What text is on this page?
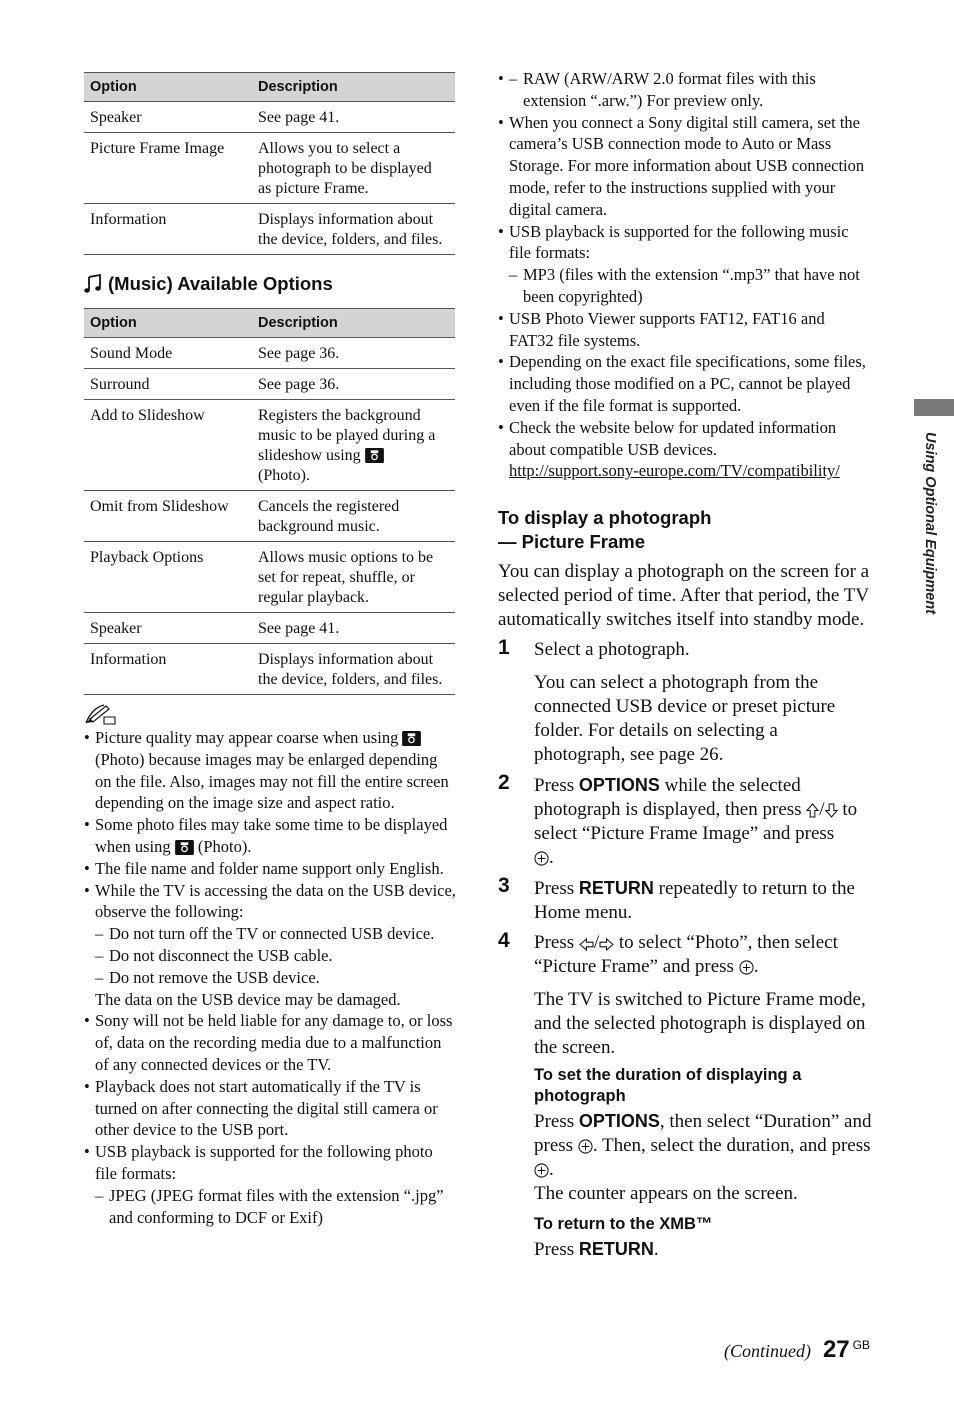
Option	Description
Speaker	See page 41.
Picture Frame Image	Allows you to select a photograph to be displayed as picture Frame.
Information	Displays information about the device, folders, and files.
(Music) Available Options
Option	Description
Sound Mode	See page 36.
Surround	See page 36.
Add to Slideshow	Registers the background music to be played during a slideshow using
(Photo).
Omit from Slideshow	Cancels the registered background music.
Playback Options	Allows music options to be set for repeat, shuffle, or regular playback.
Speaker	See page 41.
Information	Displays information about the device, folders, and files.
• Picture quality may appear coarse when using  (Photo) because images may be enlarged depending on the file. Also, images may not fill the entire screen depending on the image size and aspect ratio.
• Some photo files may take some time to be displayed when using (Photo).
• The file name and folder name support only English.
• While the TV is accessing the data on the USB device, observe the following:
– Do not turn off the TV or connected USB device.
– Do not disconnect the USB cable.
– Do not remove the USB device.
The data on the USB device may be damaged.
• Sony will not be held liable for any damage to, or loss of, data on the recording media due to a malfunction of any connected devices or the TV.
• Playback does not start automatically if the TV is turned on after connecting the digital still camera or other device to the USB port.
• USB playback is supported for the following photo file formats:
– JPEG (JPEG format files with the extension “.jpg” and conforming to DCF or Exif)
– • RAW (ARW/ARW 2.0 format files with this extension “.arw.”) For preview only.
• When you connect a Sony digital still camera, set the camera’s USB connection mode to Auto or Mass Storage. For more information about USB connection mode, refer to the instructions supplied with your digital camera.
• USB playback is supported for the following music file formats:
– MP3 (files with the extension “.mp3” that have not been copyrighted)
• USB Photo Viewer supports FAT12, FAT16 and FAT32 file systems.
• Depending on the exact file specifications, some files, including those modified on a PC, cannot be played even if the file format is supported.
• Check the website below for updated information about compatible USB devices.
http://support.sony-europe.com/TV/compatibility/
To display a photograph
— Picture Frame

You can display a photograph on the screen for a selected period of time. After that period, the TV automatically switches itself into standby mode.

1 Select a photograph.

You can select a photograph from the connected USB device or preset picture folder. For details on selecting a photograph, see page 26.

2 Press OPTIONS while the selected photograph is displayed, then press / to select “Picture Frame Image” and press
.

3 Press RETURN repeatedly to return to the Home menu.

4 Press / to select “Photo”, then select “Picture Frame” and press .

The TV is switched to Picture Frame mode, and the selected photograph is displayed on the screen.

To set the duration of displaying a photograph

Press OPTIONS, then select “Duration” and press . Then, select the duration, and press .
The counter appears on the screen.

To return to the XMB™

Press RETURN.

Using Optional Equipment
(Continued) 27 GB
